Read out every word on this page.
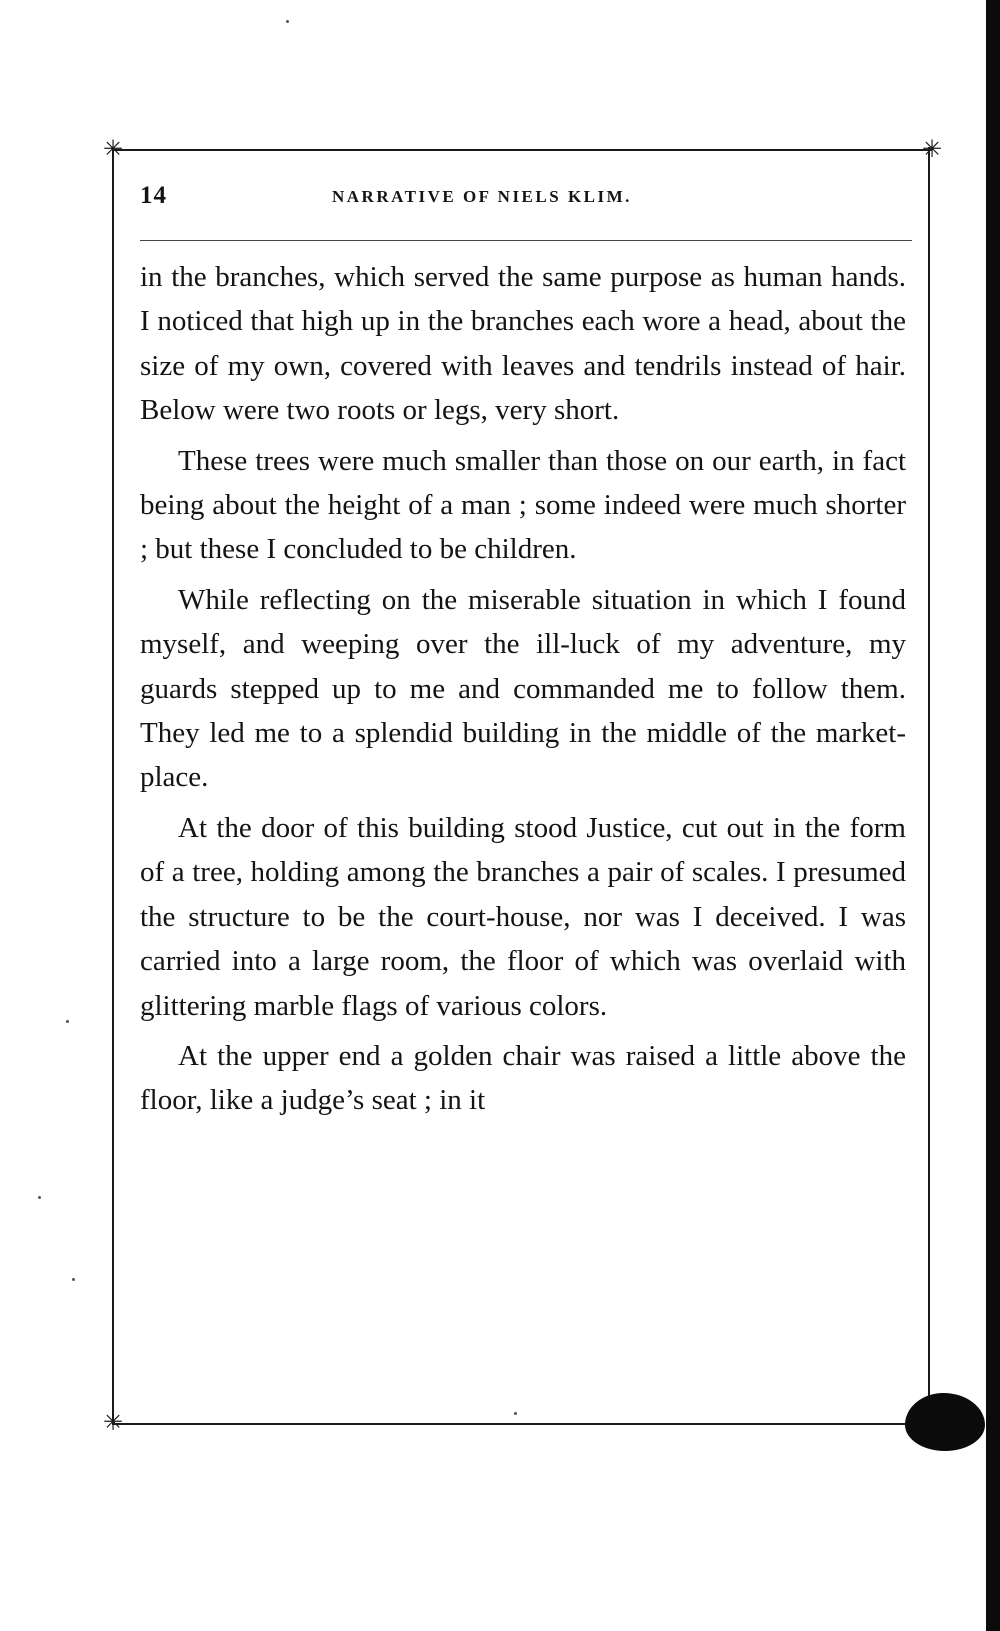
✳	✳
✳
14	NARRATIVE OF NIELS KLIM.

in the branches, which served the same purpose as human hands. I noticed that high up in the branches each wore a head, about the size of my own, covered with leaves and tendrils instead of hair. Below were two roots or legs, very short.

These trees were much smaller than those on our earth, in fact being about the height of a man ; some indeed were much shorter ; but these I concluded to be children.

While reflecting on the miserable situation in which I found myself, and weeping over the ill-luck of my adventure, my guards stepped up to me and commanded me to follow them. They led me to a splendid building in the middle of the market-place.

At the door of this building stood Justice, cut out in the form of a tree, holding among the branches a pair of scales. I presumed the structure to be the court-house, nor was I deceived. I was carried into a large room, the floor of which was overlaid with glittering marble flags of various colors.

At the upper end a golden chair was raised a little above the floor, like a judge’s seat ; in it
